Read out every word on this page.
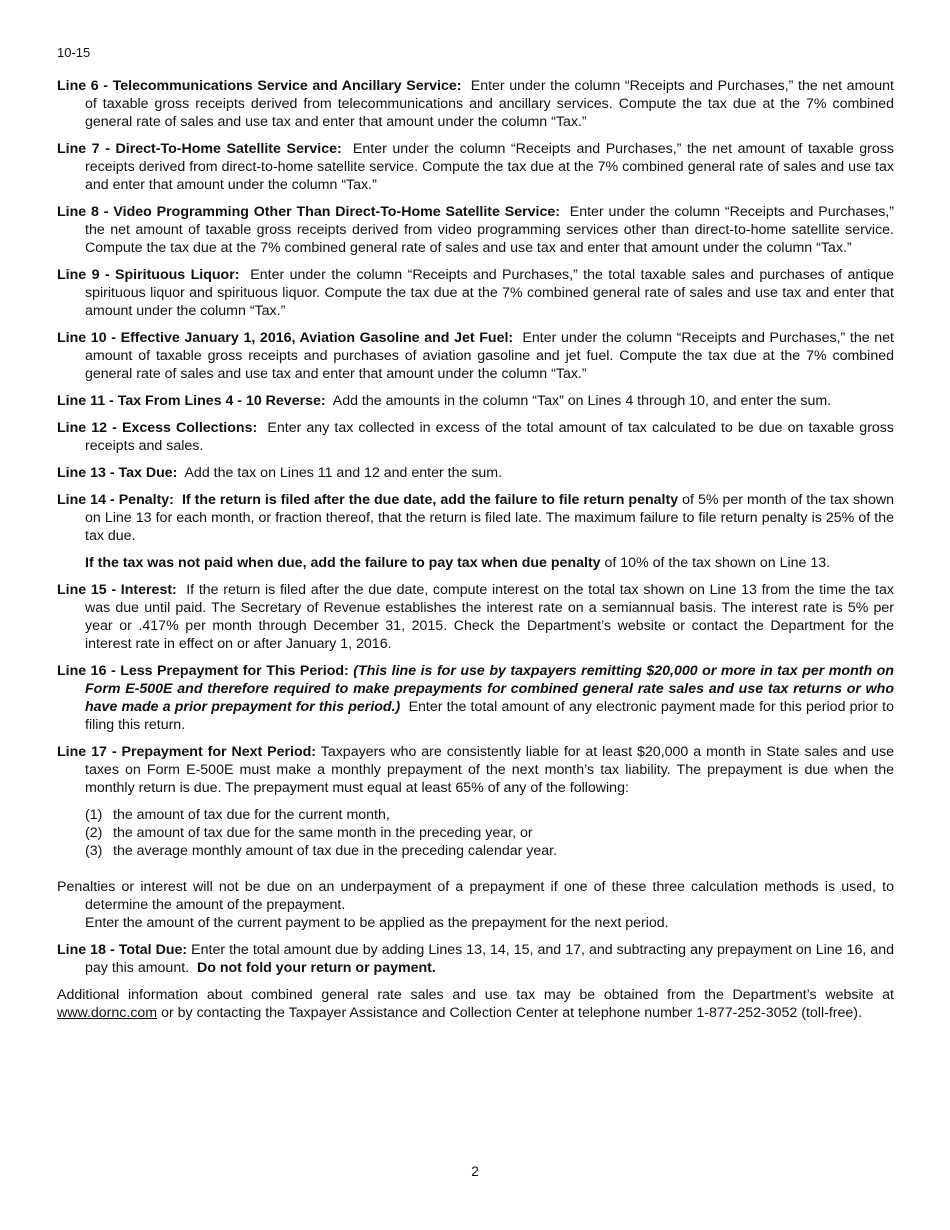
10-15

Line 6 - Telecommunications Service and Ancillary Service: Enter under the column “Receipts and Purchases,” the net amount of taxable gross receipts derived from telecommunications and ancillary services. Compute the tax due at the 7% combined general rate of sales and use tax and enter that amount under the column “Tax.”

Line 7 - Direct-To-Home Satellite Service: Enter under the column “Receipts and Purchases,” the net amount of taxable gross receipts derived from direct-to-home satellite service. Compute the tax due at the 7% combined general rate of sales and use tax and enter that amount under the column “Tax.”

Line 8 - Video Programming Other Than Direct-To-Home Satellite Service: Enter under the column “Receipts and Purchases,” the net amount of taxable gross receipts derived from video programming services other than direct-to-home satellite service. Compute the tax due at the 7% combined general rate of sales and use tax and enter that amount under the column “Tax.”

Line 9 - Spirituous Liquor: Enter under the column “Receipts and Purchases,” the total taxable sales and purchases of antique spirituous liquor and spirituous liquor. Compute the tax due at the 7% combined general rate of sales and use tax and enter that amount under the column “Tax.”

Line 10 - Effective January 1, 2016, Aviation Gasoline and Jet Fuel: Enter under the column “Receipts and Purchases,” the net amount of taxable gross receipts and purchases of aviation gasoline and jet fuel. Compute the tax due at the 7% combined general rate of sales and use tax and enter that amount under the column “Tax.”

Line 11 - Tax From Lines 4 - 10 Reverse: Add the amounts in the column “Tax” on Lines 4 through 10, and enter the sum.

Line 12 - Excess Collections: Enter any tax collected in excess of the total amount of tax calculated to be due on taxable gross receipts and sales.

Line 13 - Tax Due: Add the tax on Lines 11 and 12 and enter the sum.

Line 14 - Penalty: If the return is filed after the due date, add the failure to file return penalty of 5% per month of the tax shown on Line 13 for each month, or fraction thereof, that the return is filed late. The maximum failure to file return penalty is 25% of the tax due.

If the tax was not paid when due, add the failure to pay tax when due penalty of 10% of the tax shown on Line 13.

Line 15 - Interest: If the return is filed after the due date, compute interest on the total tax shown on Line 13 from the time the tax was due until paid. The Secretary of Revenue establishes the interest rate on a semiannual basis. The interest rate is 5% per year or .417% per month through December 31, 2015. Check the Department’s website or contact the Department for the interest rate in effect on or after January 1, 2016.

Line 16 - Less Prepayment for This Period: (This line is for use by taxpayers remitting $20,000 or more in tax per month on Form E-500E and therefore required to make prepayments for combined general rate sales and use tax returns or who have made a prior prepayment for this period.) Enter the total amount of any electronic payment made for this period prior to filing this return.

Line 17 - Prepayment for Next Period: Taxpayers who are consistently liable for at least $20,000 a month in State sales and use taxes on Form E-500E must make a monthly prepayment of the next month’s tax liability. The prepayment is due when the monthly return is due. The prepayment must equal at least 65% of any of the following:

(1) the amount of tax due for the current month,
(2) the amount of tax due for the same month in the preceding year, or
(3) the average monthly amount of tax due in the preceding calendar year.

Penalties or interest will not be due on an underpayment of a prepayment if one of these three calculation methods is used, to determine the amount of the prepayment.

Enter the amount of the current payment to be applied as the prepayment for the next period.

Line 18 - Total Due: Enter the total amount due by adding Lines 13, 14, 15, and 17, and subtracting any prepayment on Line 16, and pay this amount. Do not fold your return or payment.

Additional information about combined general rate sales and use tax may be obtained from the Department’s website at www.dornc.com or by contacting the Taxpayer Assistance and Collection Center at telephone number 1-877-252-3052 (toll-free).

2
